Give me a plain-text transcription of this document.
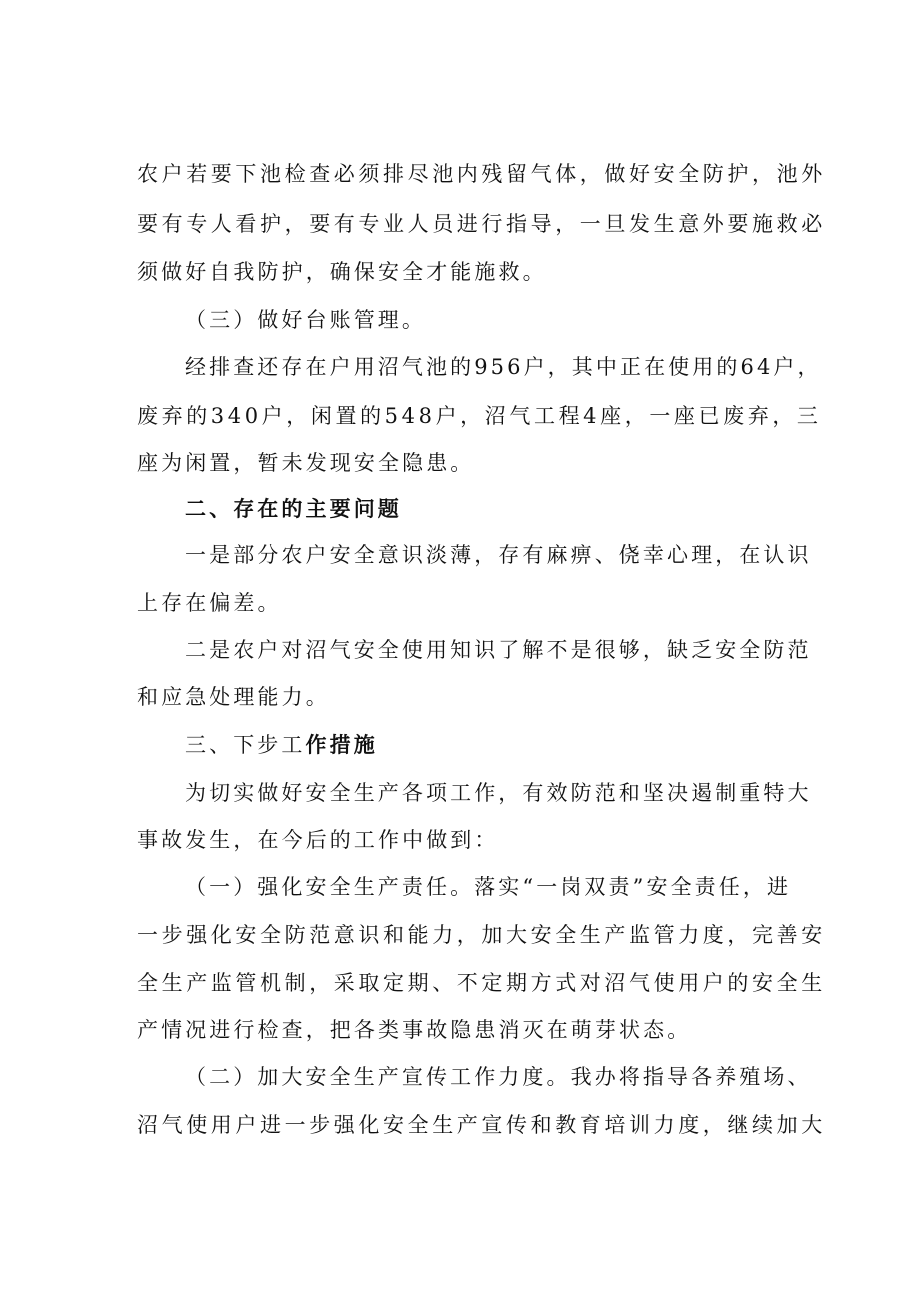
农户若要下池检查必须排尽池内残留气体，做好安全防护，池外
要有专人看护，要有专业人员进行指导，一旦发生意外要施救必
须做好自我防护，确保安全才能施救。
（三）做好台账管理。
经排查还存在户用沼气池的956户，其中正在使用的64户，
废弃的340户，闲置的548户，沼气工程4座，一座已废弃，三
座为闲置，暂未发现安全隐患。
二、存在的主要问题
一是部分农户安全意识淡薄，存有麻痹、侥幸心理，在认识
上存在偏差。
二是农户对沼气安全使用知识了解不是很够，缺乏安全防范
和应急处理能力。
三、下步工作措施
为切实做好安全生产各项工作，有效防范和坚决遏制重特大
事故发生，在今后的工作中做到：
（一）强化安全生产责任。落实“一岗双责”安全责任，进
一步强化安全防范意识和能力，加大安全生产监管力度，完善安
全生产监管机制，采取定期、不定期方式对沼气使用户的安全生
产情况进行检查，把各类事故隐患消灭在萌芽状态。
（二）加大安全生产宣传工作力度。我办将指导各养殖场、
沼气使用户进一步强化安全生产宣传和教育培训力度，继续加大
